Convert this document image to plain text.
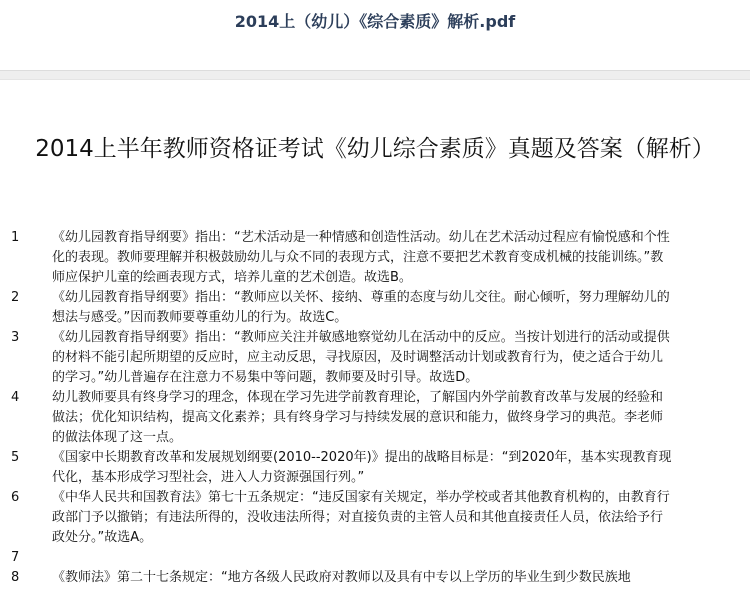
2014上（幼儿）《综合素质》解析.pdf
2014上半年教师资格证考试《幼儿综合素质》真题及答案（解析）
1	《幼儿园教育指导纲要》指出：“艺术活动是一种情感和创造性活动。幼儿在艺术活动过程应有愉悦感和个性化的表现。教师要理解并积极鼓励幼儿与众不同的表现方式，注意不要把艺术教育变成机械的技能训练。”教师应保护儿童的绘画表现方式，培养儿童的艺术创造。故选B。
2	《幼儿园教育指导纲要》指出：“教师应以关怀、接纳、尊重的态度与幼儿交往。耐心倾听，努力理解幼儿的想法与感受。”因而教师要尊重幼儿的行为。故选C。
3	《幼儿园教育指导纲要》指出：“教师应关注并敏感地察觉幼儿在活动中的反应。当按计划进行的活动或提供的材料不能引起所期望的反应时，应主动反思，寻找原因，及时调整活动计划或教育行为，使之适合于幼儿的学习。”幼儿普遍存在注意力不易集中等问题，教师要及时引导。故选D。
4	幼儿教师要具有终身学习的理念，体现在学习先进学前教育理论，了解国内外学前教育改革与发展的经验和做法；优化知识结构，提高文化素养；具有终身学习与持续发展的意识和能力，做终身学习的典范。李老师的做法体现了这一点。
5	《国家中长期教育改革和发展规划纲要(2010--2020年)》提出的战略目标是：“到2020年，基本实现教育现代化，基本形成学习型社会，进入人力资源强国行列。”
6	《中华人民共和国教育法》第七十五条规定：“违反国家有关规定，举办学校或者其他教育机构的，由教育行政部门予以撤销；有违法所得的，没收违法所得；对直接负责的主管人员和其他直接责任人员，依法给予行政处分。”故选A。
7
8	《教师法》第二十七条规定：“地方各级人民政府对教师以及具有中专以上学历的毕业生到少数民族地
